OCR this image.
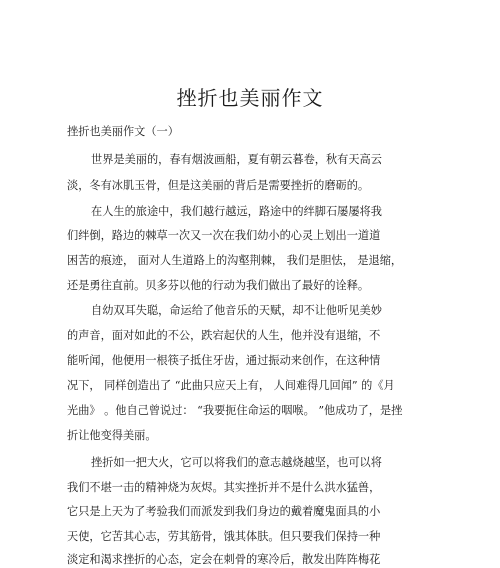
挫折也美丽作文
挫折也美丽作文（一）
世界是美丽的，春有烟波画船，夏有朝云暮卷，秋有天高云
淡，冬有冰肌玉骨，但是这美丽的背后是需要挫折的磨砺的。
在人生的旅途中，我们越行越远，路途中的绊脚石屡屡将我
们绊倒，路边的棘草一次又一次在我们幼小的心灵上划出一道道
困苦的痕迹， 面对人生道路上的沟壑荆棘， 我们是胆怯， 是退缩，
还是勇往直前。贝多芬以他的行动为我们做出了最好的诠释。
自幼双耳失聪，命运给了他音乐的天赋，却不让他听见美妙
的声音，面对如此的不公，跌宕起伏的人生，他并没有退缩，不
能听闻，他便用一根筷子抵住牙齿，通过振动来创作，在这种情
况下， 同样创造出了 “此曲只应天上有， 人间难得几回闻” 的《月
光曲》 。他自己曾说过： “我要扼住命运的咽喉。 ”他成功了，是挫
折让他变得美丽。
挫折如一把大火，它可以将我们的意志越烧越坚，也可以将
我们不堪一击的精神烧为灰烬。其实挫折并不是什么洪水猛兽，
它只是上天为了考验我们而派发到我们身边的戴着魔鬼面具的小
天使，它苦其心志，劳其筋骨，饿其体肤。但只要我们保持一种
淡定和渴求挫折的心态，定会在刺骨的寒冷后，散发出阵阵梅花
